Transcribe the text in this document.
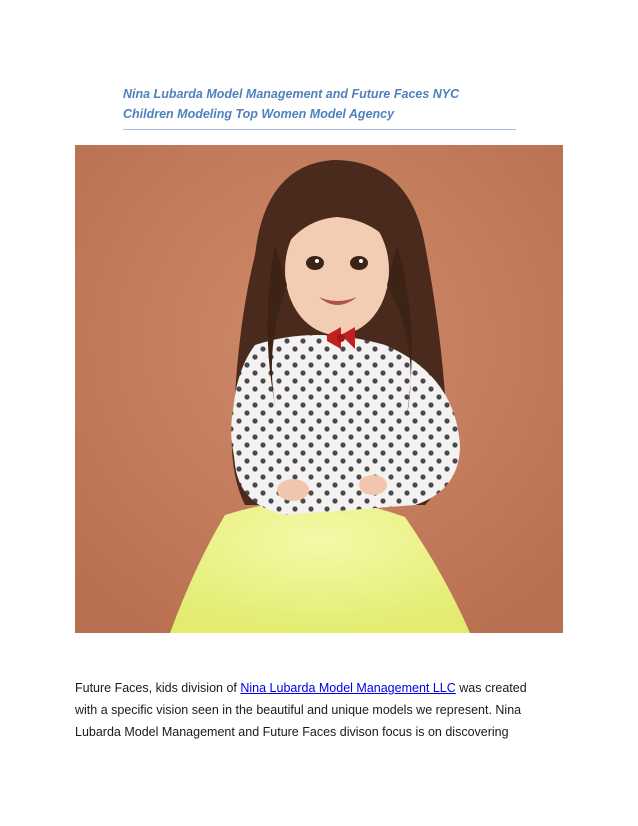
Nina Lubarda Model Management and Future Faces NYC
Children Modeling Top Women Model Agency

Future Faces, kids division of Nina Lubarda Model Management LLC was created

with a specific vision seen in the beautiful and unique models we represent. Nina

Lubarda Model Management and Future Faces divison focus is on discovering
